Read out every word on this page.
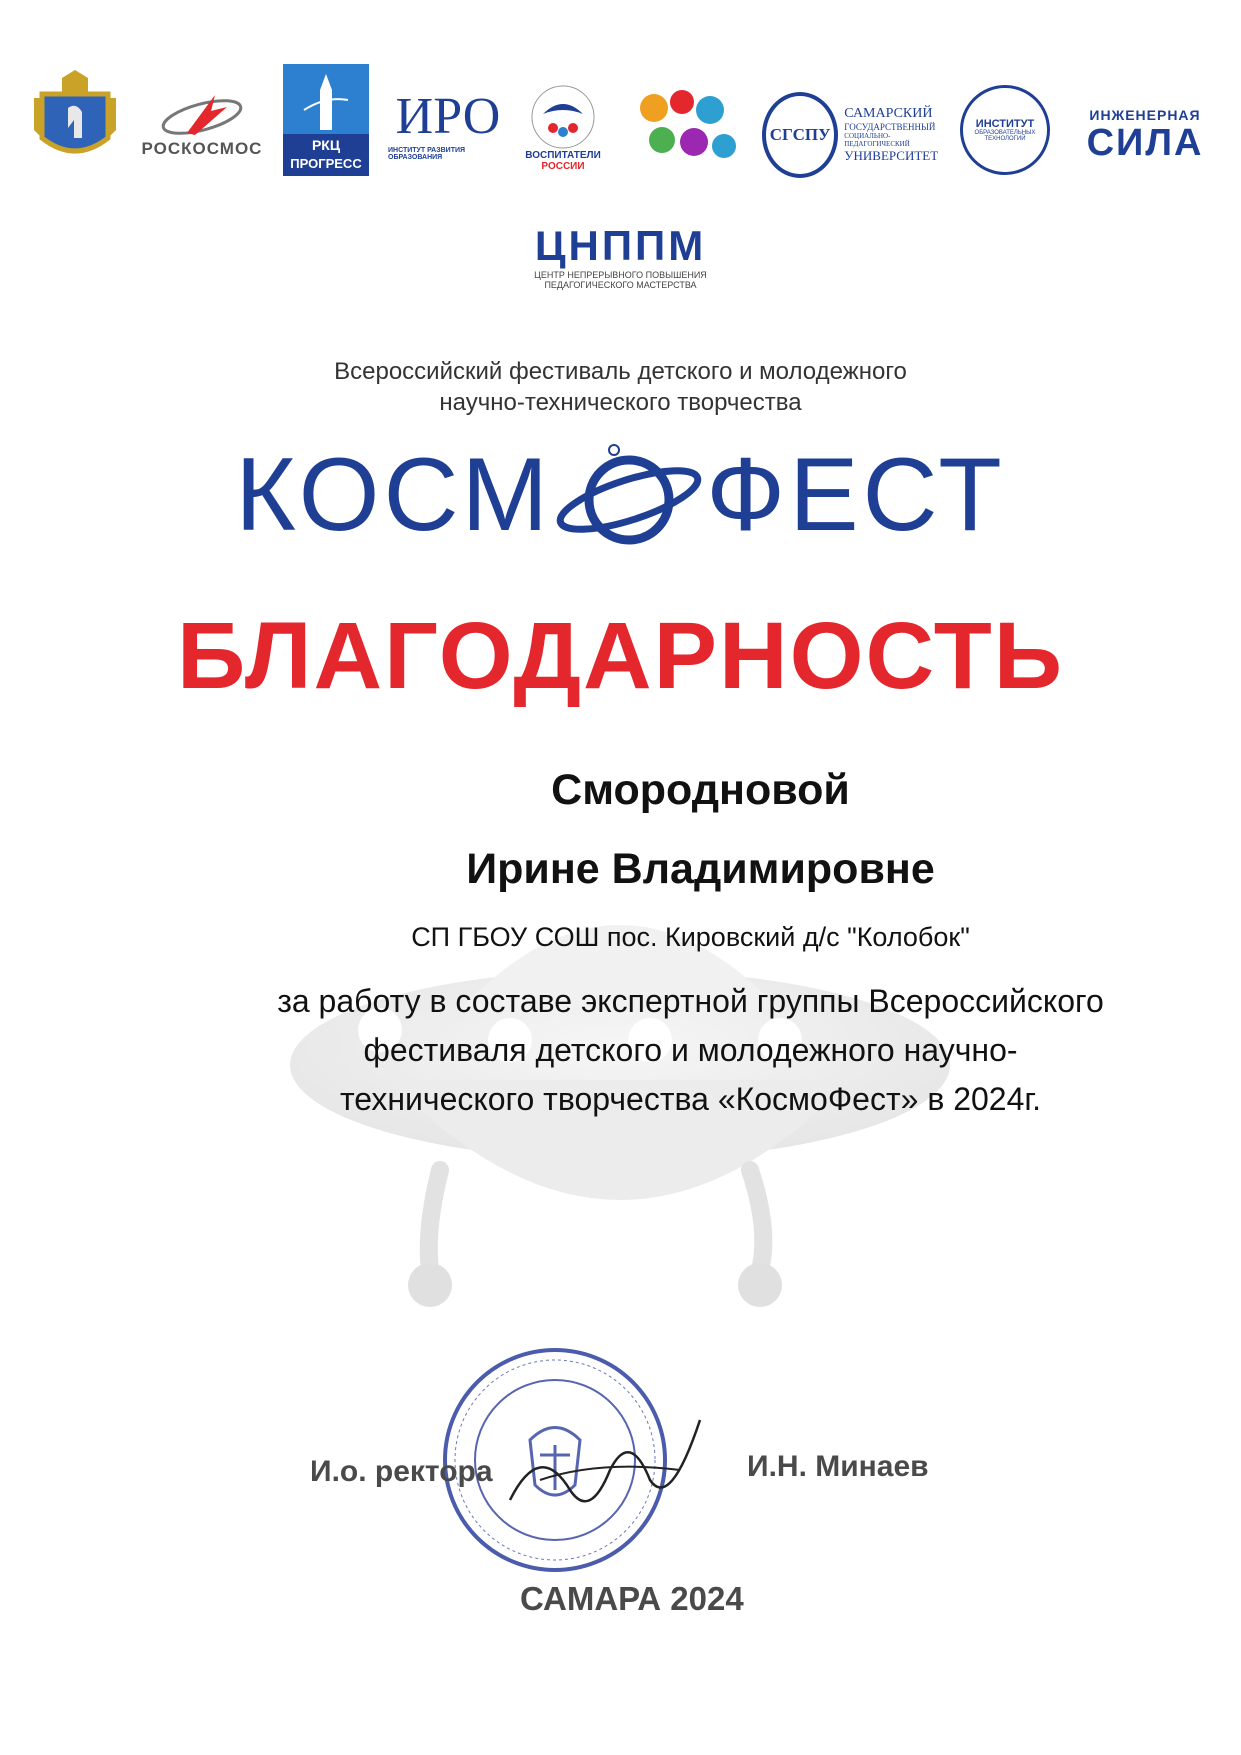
РОСКОСМОС	РКЦ ПРОГРЕСС
ИРО
ИНСТИТУТ РАЗВИТИЯ ОБРАЗОВАНИЯ	ВОСПИТАТЕЛИ
РОССИИ
СГСПУ
САМАРСКИЙ
ГОСУДАРСТВЕННЫЙ
СОЦИАЛЬНО-ПЕДАГОГИЧЕСКИЙ
УНИВЕРСИТЕТ
ИНСТИТУТ
ОБРАЗОВАТЕЛЬНЫХ
ТЕХНОЛОГИЙ
ИНЖЕНЕРНАЯ
СИЛА
ЦНППМ
ЦЕНТР НЕПРЕРЫВНОГО ПОВЫШЕНИЯ
ПЕДАГОГИЧЕСКОГО МАСТЕРСТВА
Всероссийский фестиваль детского и молодежного
научно-технического творчества
КОСМ ФЕСТ
БЛАГОДАРНОСТЬ
Смородновой
Ирине Владимировне
СП ГБОУ СОШ пос. Кировский д/с "Колобок"
за работу в составе экспертной группы Всероссийского
фестиваля детского и молодежного научно-
технического творчества «КосмоФест» в 2024г.
И.о. ректора	И.Н. Минаев
САМАРА 2024
